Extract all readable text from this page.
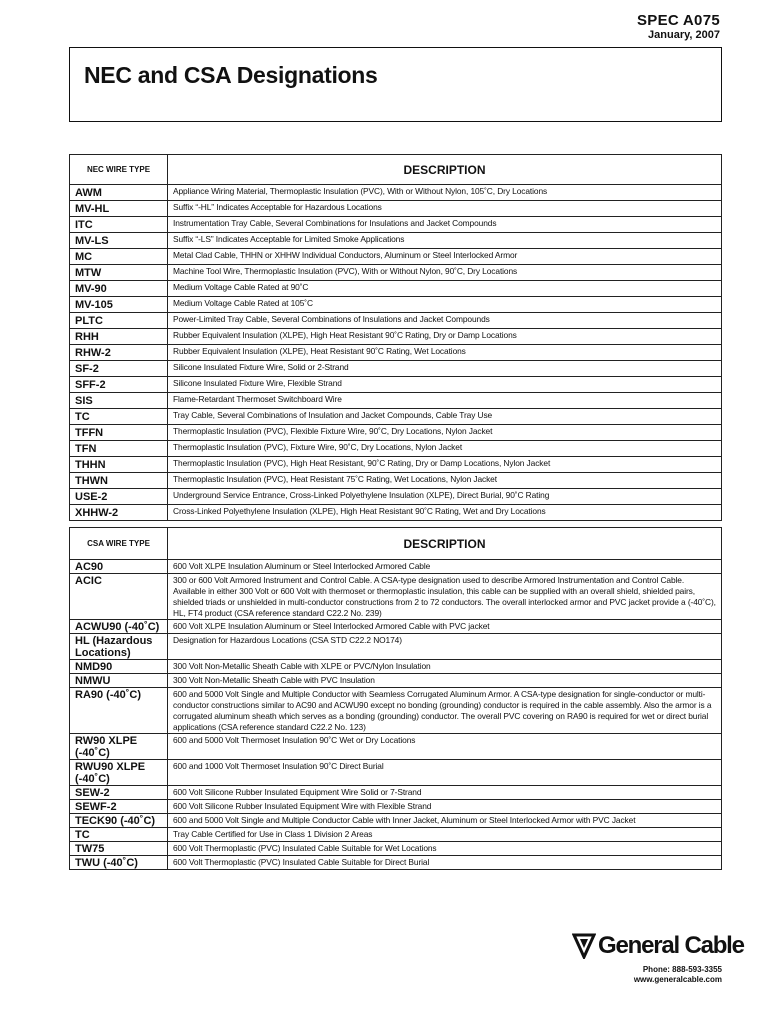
SPEC A075
January, 2007
NEC and CSA Designations
NEC WIRE TYPE	DESCRIPTION
AWM	Appliance Wiring Material, Thermoplastic Insulation (PVC), With or Without Nylon, 105˚C, Dry Locations
MV-HL	Suffix “-HL” Indicates Acceptable for Hazardous Locations
ITC	Instrumentation Tray Cable, Several Combinations for Insulations and Jacket Compounds
MV-LS	Suffix “-LS” Indicates Acceptable for Limited Smoke Applications
MC	Metal Clad Cable, THHN or XHHW Individual Conductors, Aluminum or Steel Interlocked Armor
MTW	Machine Tool Wire, Thermoplastic Insulation (PVC), With or Without Nylon, 90˚C, Dry Locations
MV-90	Medium Voltage Cable Rated at 90˚C
MV-105	Medium Voltage Cable Rated at 105˚C
PLTC	Power-Limited Tray Cable, Several Combinations of Insulations and Jacket Compounds
RHH	Rubber Equivalent Insulation (XLPE), High Heat Resistant 90˚C Rating, Dry or Damp Locations
RHW-2	Rubber Equivalent Insulation (XLPE), Heat Resistant 90˚C Rating, Wet Locations
SF-2	Silicone Insulated Fixture Wire, Solid or 2-Strand
SFF-2	Silicone Insulated Fixture Wire, Flexible Strand
SIS	Flame-Retardant Thermoset Switchboard Wire
TC	Tray Cable, Several Combinations of Insulation and Jacket Compounds, Cable Tray Use
TFFN	Thermoplastic Insulation (PVC), Flexible Fixture Wire, 90˚C, Dry Locations, Nylon Jacket
TFN	Thermoplastic Insulation (PVC), Fixture Wire, 90˚C, Dry Locations, Nylon Jacket
THHN	Thermoplastic Insulation (PVC), High Heat Resistant, 90˚C Rating, Dry or Damp Locations, Nylon Jacket
THWN	Thermoplastic Insulation (PVC), Heat Resistant 75˚C Rating, Wet Locations, Nylon Jacket
USE-2	Underground Service Entrance, Cross-Linked Polyethylene Insulation (XLPE), Direct Burial, 90˚C Rating
XHHW-2	Cross-Linked Polyethylene Insulation (XLPE), High Heat Resistant 90˚C Rating, Wet and Dry Locations
CSA WIRE TYPE	DESCRIPTION
AC90	600 Volt XLPE Insulation Aluminum or Steel Interlocked Armored Cable
ACIC	300 or 600 Volt Armored Instrument and Control Cable. A CSA-type designation used to describe Armored Instrumentation and Control Cable. Available in either 300 Volt or 600 Volt with thermoset or thermoplastic insulation, this cable can be supplied with an overall shield, shielded pairs, shielded triads or unshielded in multi-conductor constructions from 2 to 72 conductors. The overall interlocked armor and PVC jacket provide a (-40˚C), HL, FT4 product (CSA reference standard C22.2 No. 239)
ACWU90 (-40˚C)	600 Volt XLPE Insulation Aluminum or Steel Interlocked Armored Cable with PVC jacket
HL (Hazardous Locations)	Designation for Hazardous Locations (CSA STD C22.2 NO174)
NMD90	300 Volt Non-Metallic Sheath Cable with XLPE or PVC/Nylon Insulation
NMWU	300 Volt Non-Metallic Sheath Cable with PVC Insulation
RA90 (-40˚C)	600 and 5000 Volt Single and Multiple Conductor with Seamless Corrugated Aluminum Armor. A CSA-type designation for single-conductor or multi-conductor constructions similar to AC90 and ACWU90 except no bonding (grounding) conductor is required in the cable assembly. Also the armor is a corrugated aluminum sheath which serves as a bonding (grounding) conductor. The overall PVC covering on RA90 is required for wet or direct burial applications (CSA reference standard C22.2 No. 123)
RW90 XLPE (-40˚C)	600 and 5000 Volt Thermoset Insulation 90˚C Wet or Dry Locations
RWU90 XLPE (-40˚C)	600 and 1000 Volt Thermoset Insulation 90˚C Direct Burial
SEW-2	600 Volt Silicone Rubber Insulated Equipment Wire Solid or 7-Strand
SEWF-2	600 Volt Silicone Rubber Insulated Equipment Wire with Flexible Strand
TECK90 (-40˚C)	600 and 5000 Volt Single and Multiple Conductor Cable with Inner Jacket, Aluminum or Steel Interlocked Armor with PVC Jacket
TC	Tray Cable Certified for Use in Class 1 Division 2 Areas
TW75	600 Volt Thermoplastic (PVC) Insulated Cable Suitable for Wet Locations
TWU (-40˚C)	600 Volt Thermoplastic (PVC) Insulated Cable Suitable for Direct Burial
General Cable
Phone: 888-593-3355
www.generalcable.com
